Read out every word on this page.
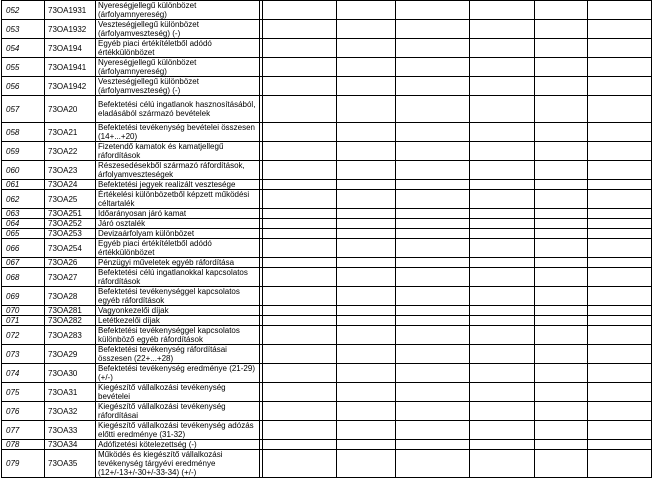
052	73OA1931	Nyereségjellegű különbözet (árfolyamnyereség)							
053	73OA1932	Veszteségjellegű különbözet (árfolyamveszteség) (-)							
054	73OA194	Egyéb piaci értékítéletből adódó értékkülönbözet							
055	73OA1941	Nyereségjellegű különbözet (árfolyamnyereség)							
056	73OA1942	Veszteségjellegű különbözet (árfolyamveszteség) (-)							
057	73OA20	Befektetési célú ingatlanok hasznosításából, eladásából származó bevételek							
058	73OA21	Befektetési tevékenység bevételei összesen (14+...+20)							
059	73OA22	Fizetendő kamatok és kamatjellegű ráfordítások							
060	73OA23	Részesedésekből származó ráfordítások, árfolyamveszteségek							
061	73OA24	Befektetési jegyek realizált vesztesége							
062	73OA25	Értékelési különbözetből képzett működési céltartalék							
063	73OA251	Időarányosan járó kamat							
064	73OA252	Járó osztalék							
065	73OA253	Devizaárfolyam különbözet							
066	73OA254	Egyéb piaci értékítéletből adódó értékkülönbözet							
067	73OA26	Pénzügyi műveletek egyéb ráfordítása							
068	73OA27	Befektetési célú ingatlanokkal kapcsolatos ráfordítások							
069	73OA28	Befektetési tevékenységgel kapcsolatos egyéb ráfordítások							
070	73OA281	Vagyonkezelői díjak							
071	73OA282	Letétkezelői díjak							
072	73OA283	Befektetési tevékenységgel kapcsolatos különböző egyéb ráfordítások							
073	73OA29	Befektetési tevékenység ráfordításai összesen (22+...+28)							
074	73OA30	Befektetési tevékenység eredménye (21-29) (+/-)							
075	73OA31	Kiegészítő vállalkozási tevékenység bevételei							
076	73OA32	Kiegészítő vállalkozási tevékenység ráfordításai							
077	73OA33	Kiegészítő vállalkozási tevékenység adózás előtti eredménye (31-32)							
078	73OA34	Adófizetési kötelezettség (-)							
079	73OA35	Működés és kiegészítő vállalkozási tevékenység tárgyévi eredménye (12+/-13+/-30+/-33-34) (+/-)							
